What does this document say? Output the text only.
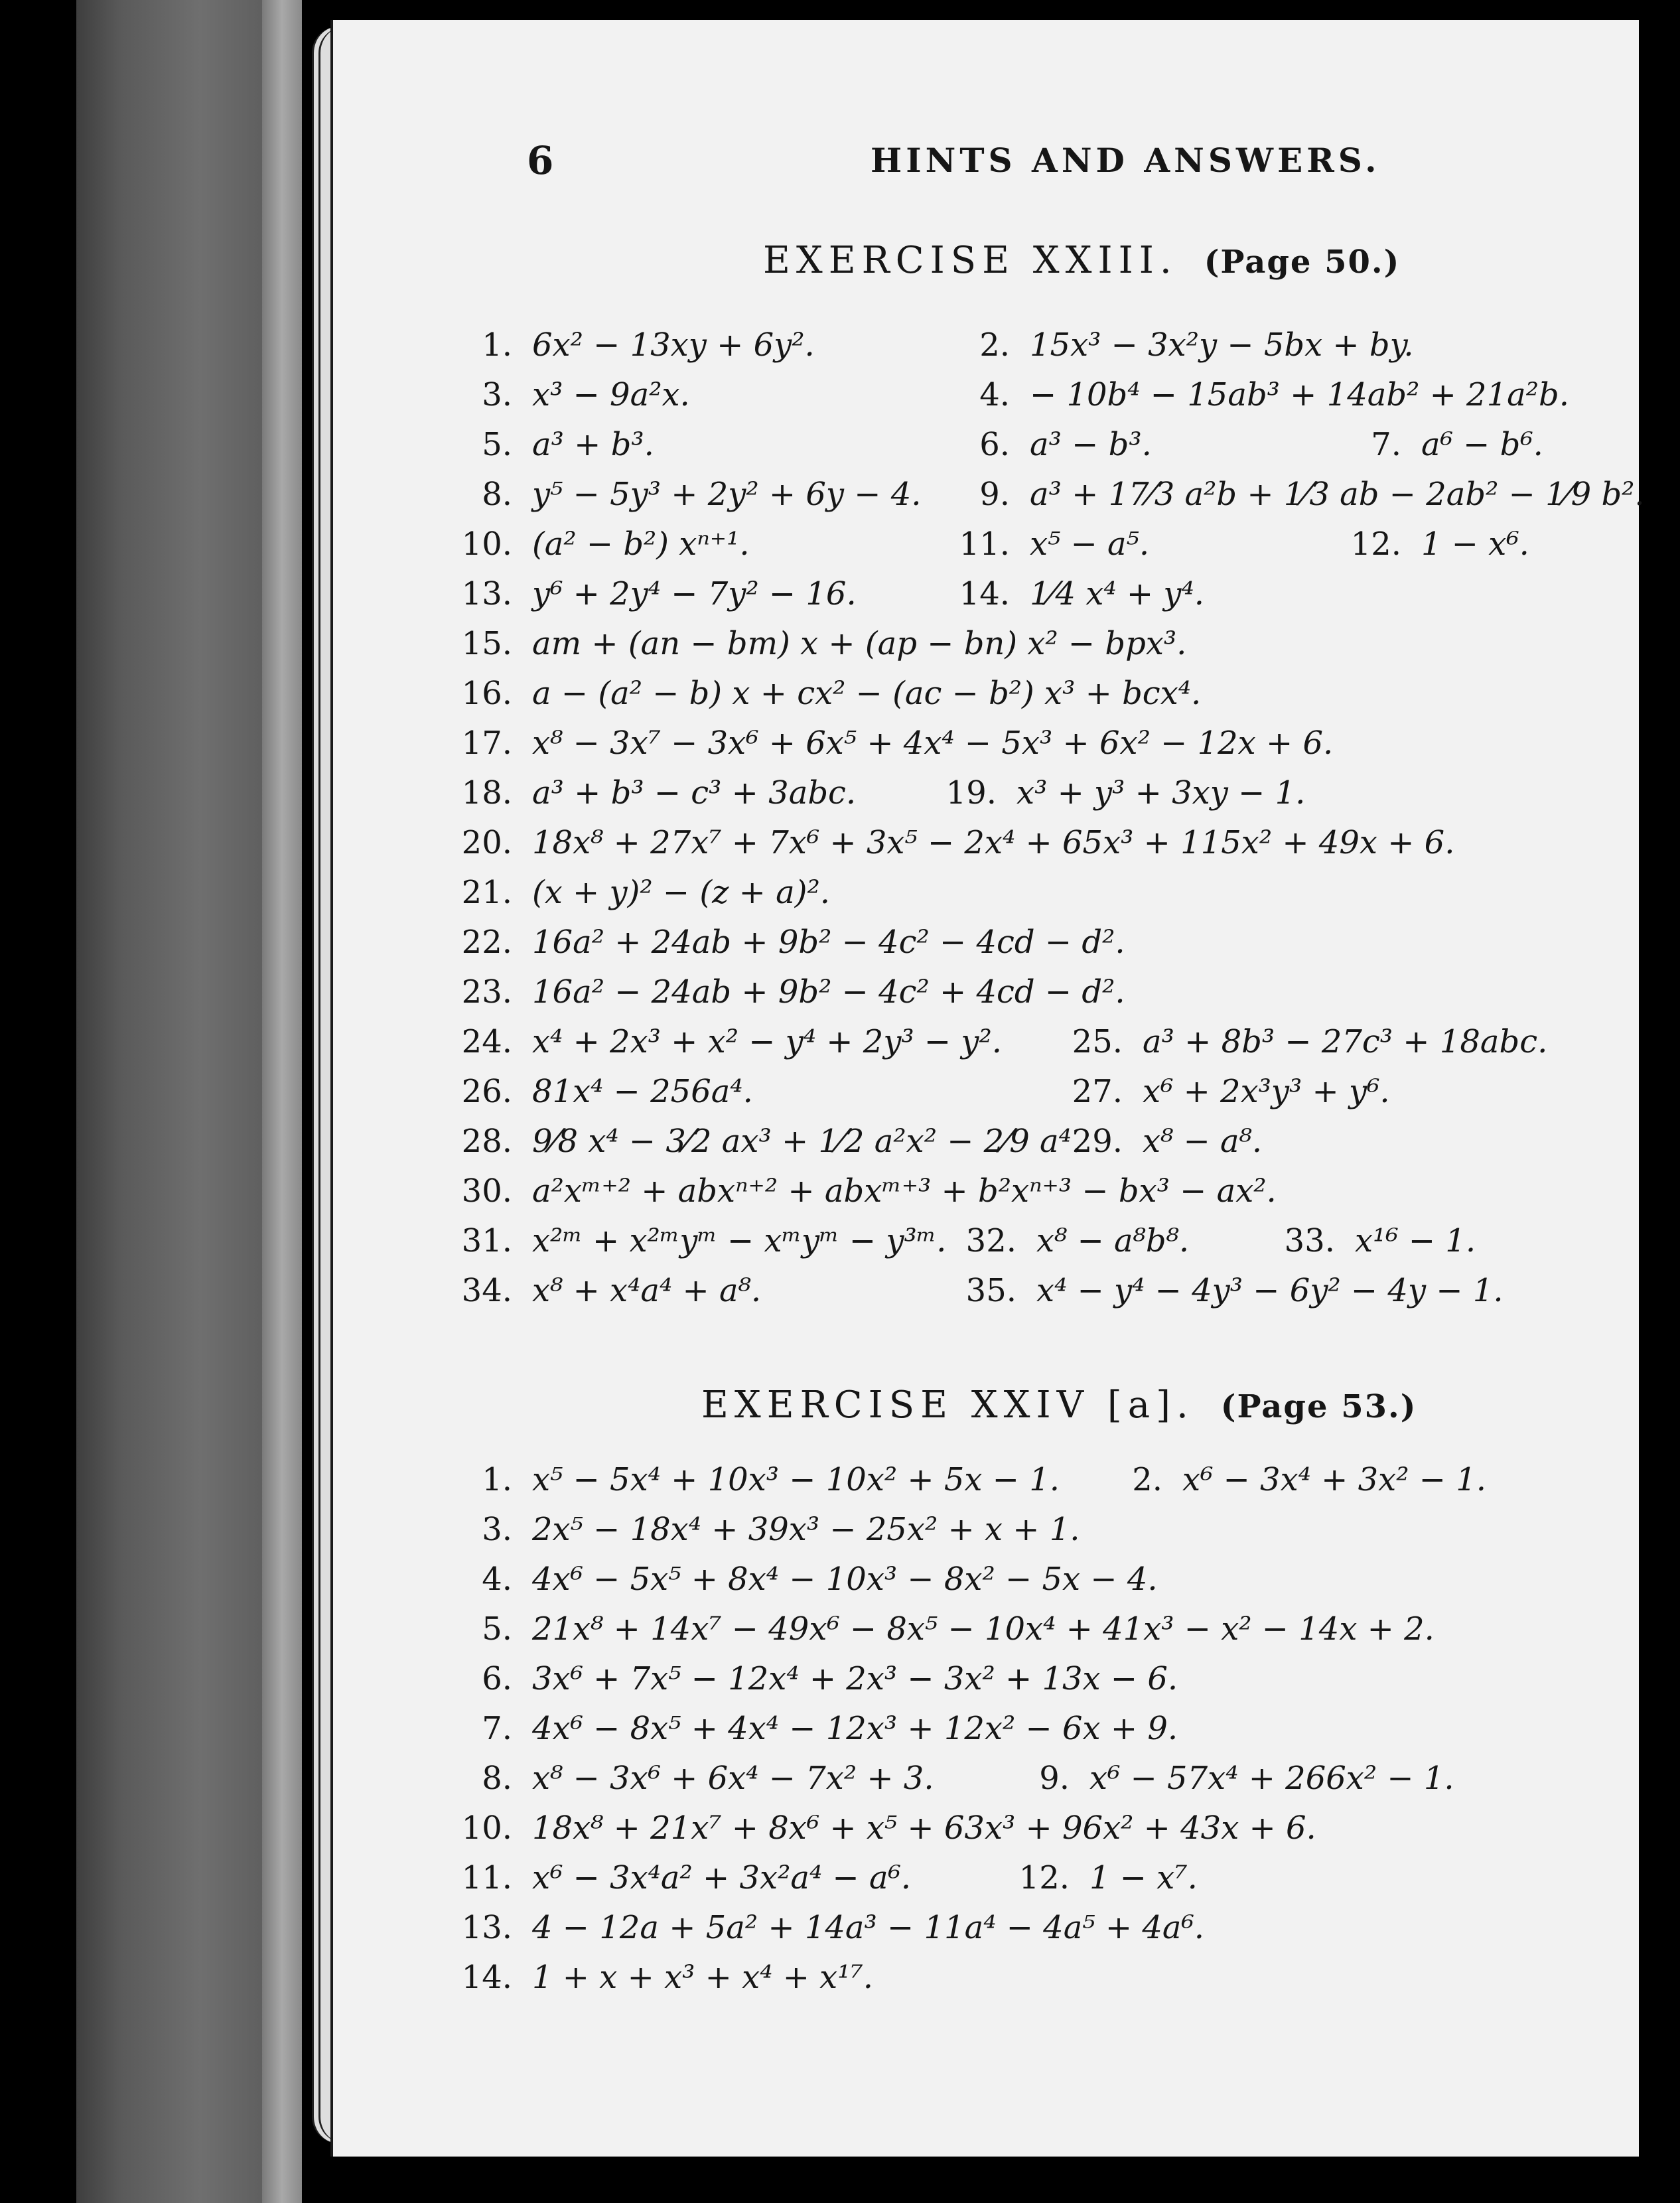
6	HINTS AND ANSWERS.
EXERCISE XXIII. (Page 50.)
1. 6x² − 13xy + 6y².	2. 15x³ − 3x²y − 5bx + by.
3. x³ − 9a²x.	4. − 10b⁴ − 15ab³ + 14ab² + 21a²b.
5. a³ + b³.	6. a³ − b³.	7. a⁶ − b⁶.
8. y⁵ − 5y³ + 2y² + 6y − 4.	9. a³ + 17⁄3 a²b + 1⁄3 ab − 2ab² − 1⁄9 b².
10. (a² − b²) xⁿ⁺¹.	11. x⁵ − a⁵.	12. 1 − x⁶.
13. y⁶ + 2y⁴ − 7y² − 16.	14. 1⁄4 x⁴ + y⁴.
15. am + (an − bm) x + (ap − bn) x² − bpx³.
16. a − (a² − b) x + cx² − (ac − b²) x³ + bcx⁴.
17. x⁸ − 3x⁷ − 3x⁶ + 6x⁵ + 4x⁴ − 5x³ + 6x² − 12x + 6.
18. a³ + b³ − c³ + 3abc.	19. x³ + y³ + 3xy − 1.
20. 18x⁸ + 27x⁷ + 7x⁶ + 3x⁵ − 2x⁴ + 65x³ + 115x² + 49x + 6.
21. (x + y)² − (z + a)².
22. 16a² + 24ab + 9b² − 4c² − 4cd − d².
23. 16a² − 24ab + 9b² − 4c² + 4cd − d².
24. x⁴ + 2x³ + x² − y⁴ + 2y³ − y².	25. a³ + 8b³ − 27c³ + 18abc.
26. 81x⁴ − 256a⁴.	27. x⁶ + 2x³y³ + y⁶.
28. 9⁄8 x⁴ − 3⁄2 ax³ + 1⁄2 a²x² − 2⁄9 a⁴.
29. x⁸ − a⁸.
30. a²xᵐ⁺² + abxⁿ⁺² + abxᵐ⁺³ + b²xⁿ⁺³ − bx³ − ax².
31. x²ᵐ + x²ᵐyᵐ − xᵐyᵐ − y³ᵐ. 32. x⁸ − a⁸b⁸.	33. x¹⁶ − 1.
34. x⁸ + x⁴a⁴ + a⁸.	35. x⁴ − y⁴ − 4y³ − 6y² − 4y − 1.
EXERCISE XXIV [a]. (Page 53.)
1. x⁵ − 5x⁴ + 10x³ − 10x² + 5x − 1.	2. x⁶ − 3x⁴ + 3x² − 1.
3. 2x⁵ − 18x⁴ + 39x³ − 25x² + x + 1.
4. 4x⁶ − 5x⁵ + 8x⁴ − 10x³ − 8x² − 5x − 4.
5. 21x⁸ + 14x⁷ − 49x⁶ − 8x⁵ − 10x⁴ + 41x³ − x² − 14x + 2.
6. 3x⁶ + 7x⁵ − 12x⁴ + 2x³ − 3x² + 13x − 6.
7. 4x⁶ − 8x⁵ + 4x⁴ − 12x³ + 12x² − 6x + 9.
8. x⁸ − 3x⁶ + 6x⁴ − 7x² + 3.	9. x⁶ − 57x⁴ + 266x² − 1.
10. 18x⁸ + 21x⁷ + 8x⁶ + x⁵ + 63x³ + 96x² + 43x + 6.
11. x⁶ − 3x⁴a² + 3x²a⁴ − a⁶.	12. 1 − x⁷.
13. 4 − 12a + 5a² + 14a³ − 11a⁴ − 4a⁵ + 4a⁶.
14. 1 + x + x³ + x⁴ + x¹⁷.
